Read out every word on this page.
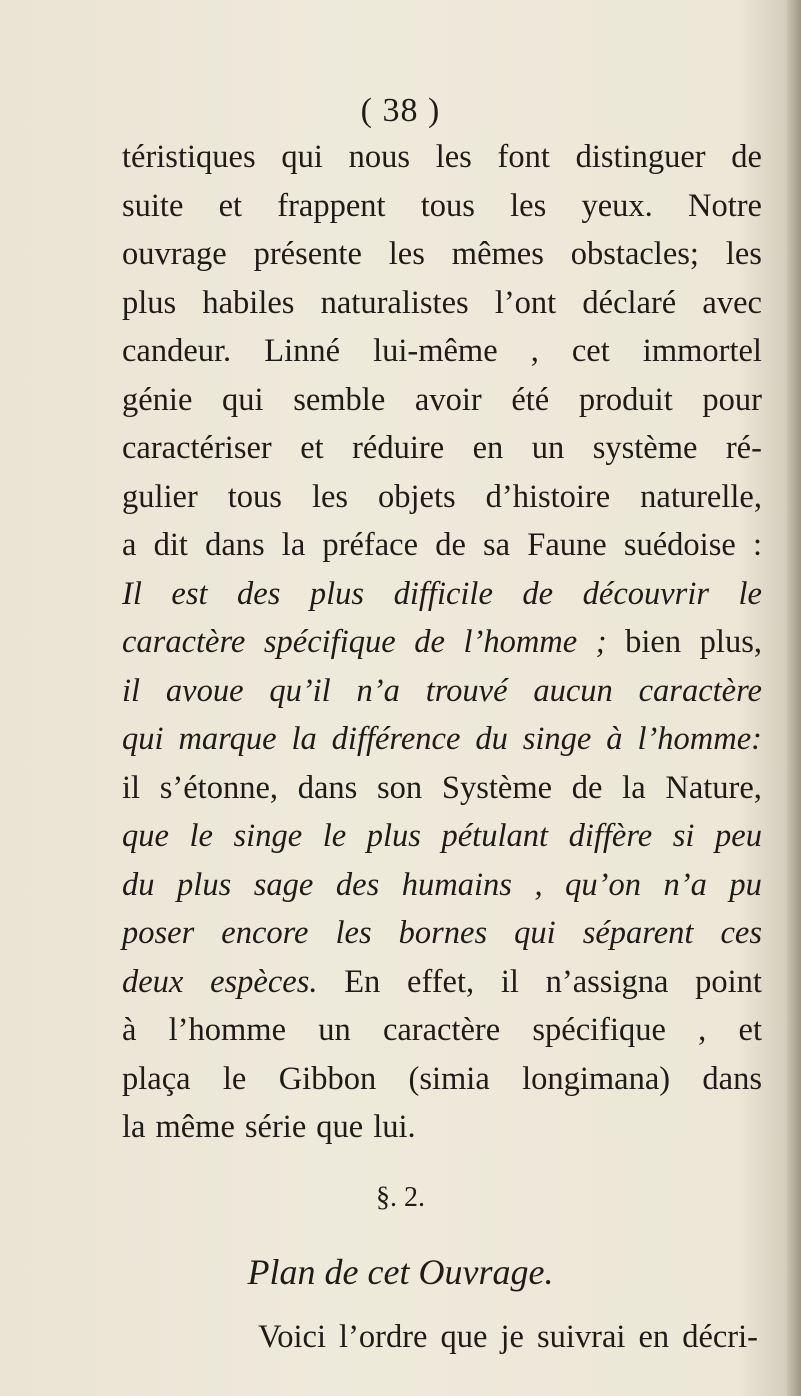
( 38 )
téristiques qui nous les font distinguer de
suite et frappent tous les yeux. Notre
ouvrage présente les mêmes obstacles; les
plus habiles naturalistes l’ont déclaré avec
candeur. Linné lui-même , cet immortel
génie qui semble avoir été produit pour
caractériser et réduire en un système ré-
gulier tous les objets d’histoire naturelle,
a dit dans la préface de sa Faune suédoise :
Il est des plus difficile de découvrir le
caractère spécifique de l’homme ; bien plus,
il avoue qu’il n’a trouvé aucun caractère
qui marque la différence du singe à l’homme:
il s’étonne, dans son Système de la Nature,
que le singe le plus pétulant diffère si peu
du plus sage des humains , qu’on n’a pu
poser encore les bornes qui séparent ces
deux espèces. En effet, il n’assigna point
à l’homme un caractère spécifique , et
plaça le Gibbon (simia longimana) dans
la même série que lui.
§. 2.
Plan de cet Ouvrage.
Voici l’ordre que je suivrai en décri-
